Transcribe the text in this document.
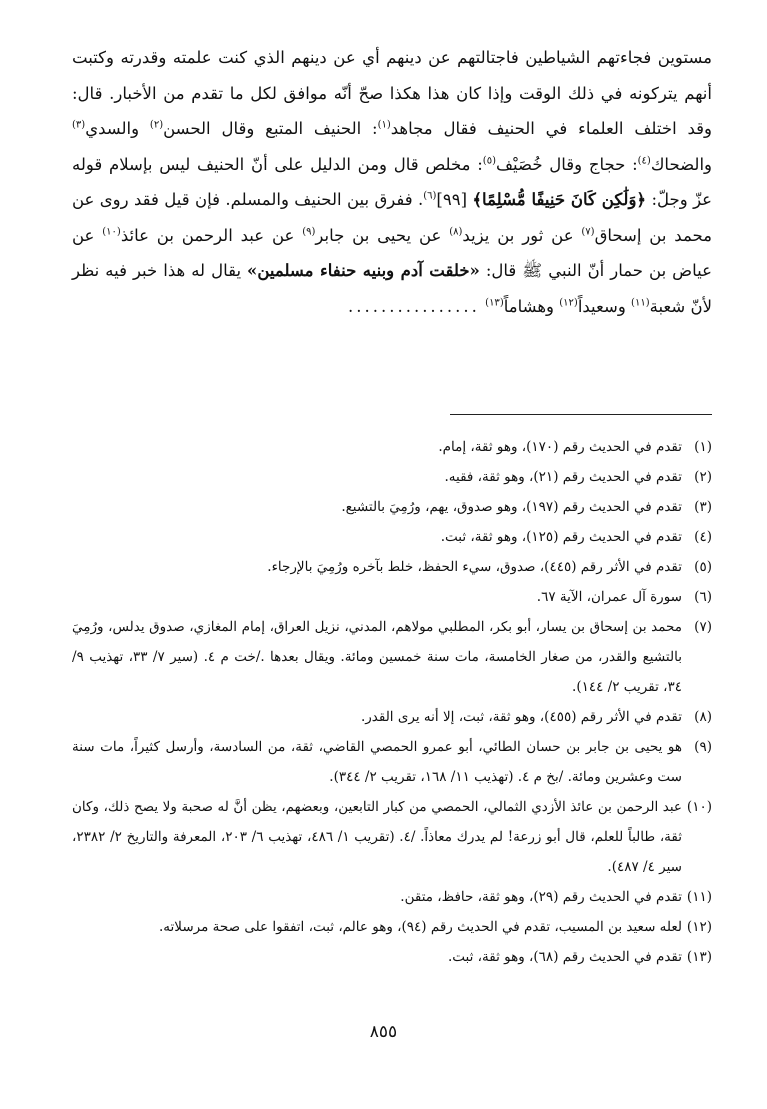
مستوين فجاءتهم الشياطين فاجتالتهم عن دينهم أي عن دينهم الذي كنت علمته وقدرته وكتبت أنهم يتركونه في ذلك الوقت وإذا كان هذا هكذا صحّ أنّه موافق لكل ما تقدم من الأخبار. قال: وقد اختلف العلماء في الحنيف فقال مجاهد$^{(١)}$: الحنيف المتبع وقال الحسن$^{(٢)}$ والسدي$^{(٣)}$ والضحاك$^{(٤)}$: حجاج وقال خُصَيْف$^{(٥)}$: مخلص قال ومن الدليل على أنّ الحنيف ليس بإسلام قوله عزّ وجلّ: ﴿وَلَٰكِن كَانَ حَنِيفًا مُّسْلِمًا﴾ [٩٩]$^{(٦)}$. ففرق بين الحنيف والمسلم. فإن قيل فقد روى عن محمد بن إسحاق$^{(٧)}$ عن ثور بن يزيد$^{(٨)}$ عن يحيى بن جابر$^{(٩)}$ عن عبد الرحمن بن عائذ$^{(١٠)}$ عن عياض بن حمار أنّ النبي ﷺ قال: «خلقت آدم وبنيه حنفاء مسلمين» يقال له هذا خبر فيه نظر لأنّ شعبة$^{(١١)}$ وسعيداً$^{(١٢)}$ وهشاماً$^{(١٣)}$ ................

(١)
تقدم في الحديث رقم (١٧٠)، وهو ثقة، إمام.
(٢)
تقدم في الحديث رقم (٢١)، وهو ثقة، فقيه.
(٣)
تقدم في الحديث رقم (١٩٧)، وهو صدوق، يهم، ورُمِيَ بالتشيع.
(٤)
تقدم في الحديث رقم (١٢٥)، وهو ثقة، ثبت.
(٥)
تقدم في الأثر رقم (٤٤٥)، صدوق، سيء الحفظ، خلط بآخره ورُمِيَ بالإرجاء.
(٦)
سورة آل عمران، الآية ٦٧.
(٧)
محمد بن إسحاق بن يسار، أبو بكر، المطلبي مولاهم، المدني، نزيل العراق، إمام المغازي، صدوق يدلس، ورُمِيَ بالتشيع والقدر، من صغار الخامسة، مات سنة خمسين ومائة. ويقال بعدها ./خت م ٤. (سير ٧/ ٣٣، تهذيب ٩/ ٣٤، تقريب ٢/ ١٤٤).
(٨)
تقدم في الأثر رقم (٤٥٥)، وهو ثقة، ثبت، إلا أنه يرى القدر.
(٩)
هو يحيى بن جابر بن حسان الطائي، أبو عمرو الحمصي القاضي، ثقة، من السادسة، وأرسل كثيراً، مات سنة ست وعشرين ومائة. /بخ م ٤. (تهذيب ١١/ ١٦٨، تقريب ٢/ ٣٤٤).
(١٠)
عبد الرحمن بن عائذ الأزدي الثمالي، الحمصي من كبار التابعين، وبعضهم، يظن أنَّ له صحبة ولا يصح ذلك، وكان ثقة، طالباً للعلم، قال أبو زرعة! لم يدرك معاذاً. /٤. (تقريب ١/ ٤٨٦، تهذيب ٦/ ٢٠٣، المعرفة والتاريخ ٢/ ٢٣٨٢، سير ٤/ ٤٨٧).
(١١)
تقدم في الحديث رقم (٢٩)، وهو ثقة، حافظ، متقن.
(١٢)
لعله سعيد بن المسيب، تقدم في الحديث رقم (٩٤)، وهو عالم، ثبت، اتفقوا على صحة مرسلاته.
(١٣)
تقدم في الحديث رقم (٦٨)، وهو ثقة، ثبت.
٨٥٥
